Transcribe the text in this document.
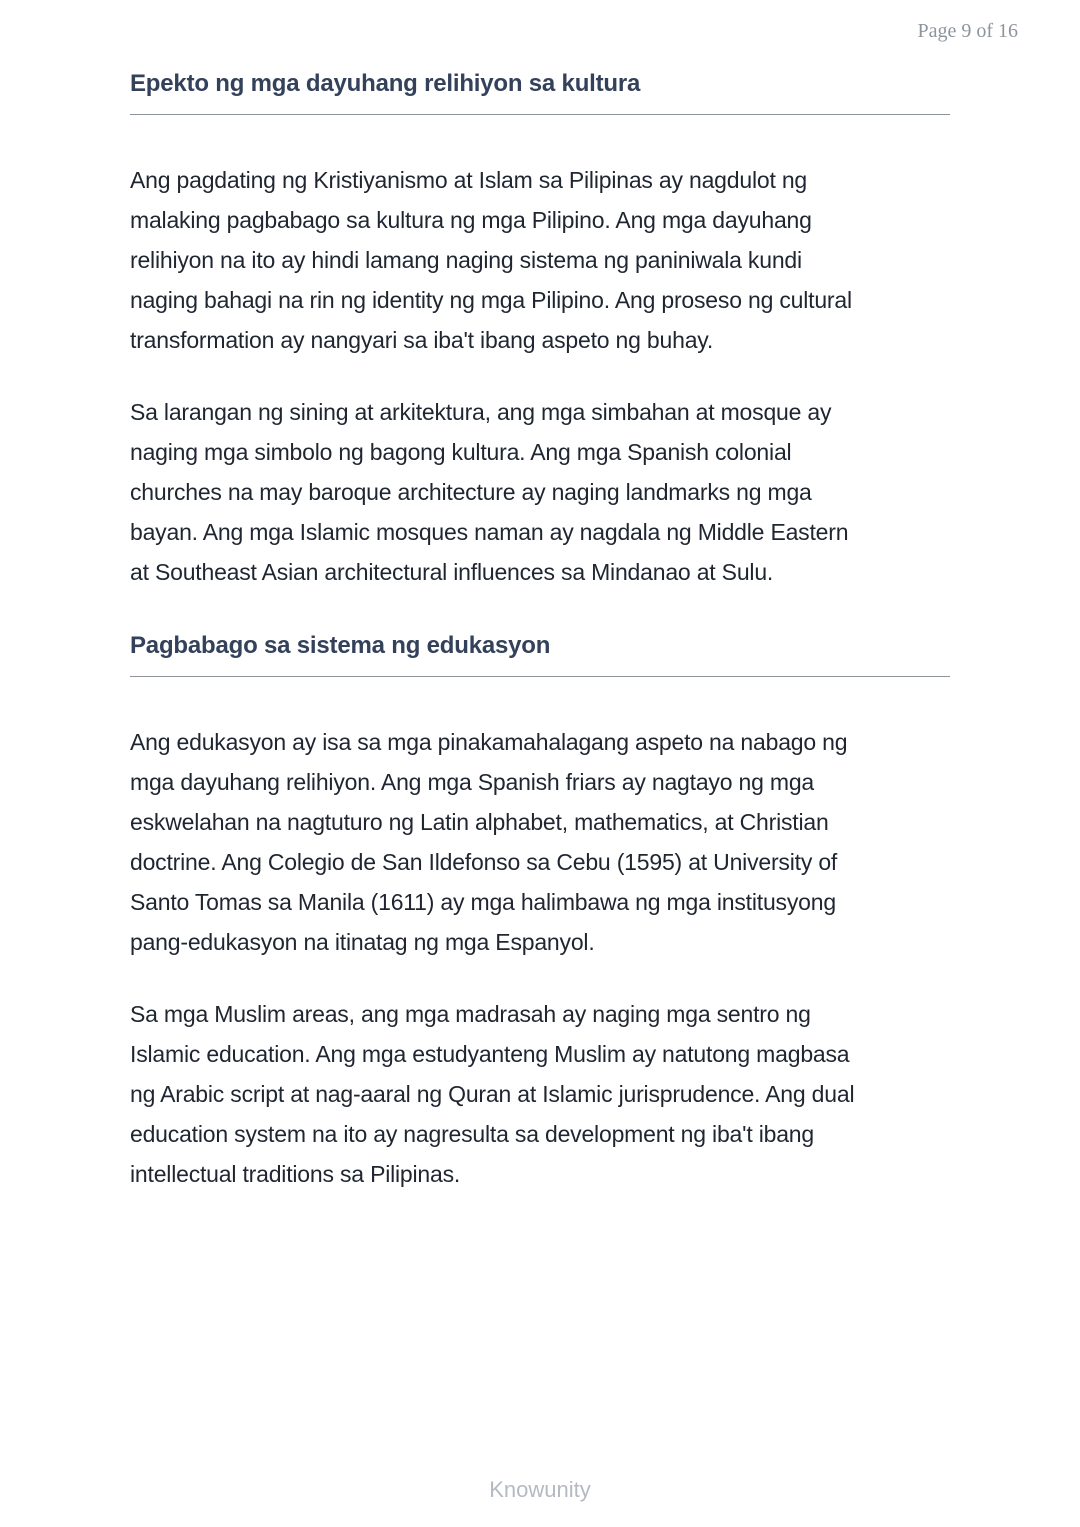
Page 9 of 16
Epekto ng mga dayuhang relihiyon sa kultura
Ang pagdating ng Kristiyanismo at Islam sa Pilipinas ay nagdulot ng
malaking pagbabago sa kultura ng mga Pilipino. Ang mga dayuhang
relihiyon na ito ay hindi lamang naging sistema ng paniniwala kundi
naging bahagi na rin ng identity ng mga Pilipino. Ang proseso ng cultural
transformation ay nangyari sa iba't ibang aspeto ng buhay.
Sa larangan ng sining at arkitektura, ang mga simbahan at mosque ay
naging mga simbolo ng bagong kultura. Ang mga Spanish colonial
churches na may baroque architecture ay naging landmarks ng mga
bayan. Ang mga Islamic mosques naman ay nagdala ng Middle Eastern
at Southeast Asian architectural influences sa Mindanao at Sulu.
Pagbabago sa sistema ng edukasyon
Ang edukasyon ay isa sa mga pinakamahalagang aspeto na nabago ng
mga dayuhang relihiyon. Ang mga Spanish friars ay nagtayo ng mga
eskwelahan na nagtuturo ng Latin alphabet, mathematics, at Christian
doctrine. Ang Colegio de San Ildefonso sa Cebu (1595) at University of
Santo Tomas sa Manila (1611) ay mga halimbawa ng mga institusyong
pang-edukasyon na itinatag ng mga Espanyol.
Sa mga Muslim areas, ang mga madrasah ay naging mga sentro ng
Islamic education. Ang mga estudyanteng Muslim ay natutong magbasa
ng Arabic script at nag-aaral ng Quran at Islamic jurisprudence. Ang dual
education system na ito ay nagresulta sa development ng iba't ibang
intellectual traditions sa Pilipinas.
Knowunity
